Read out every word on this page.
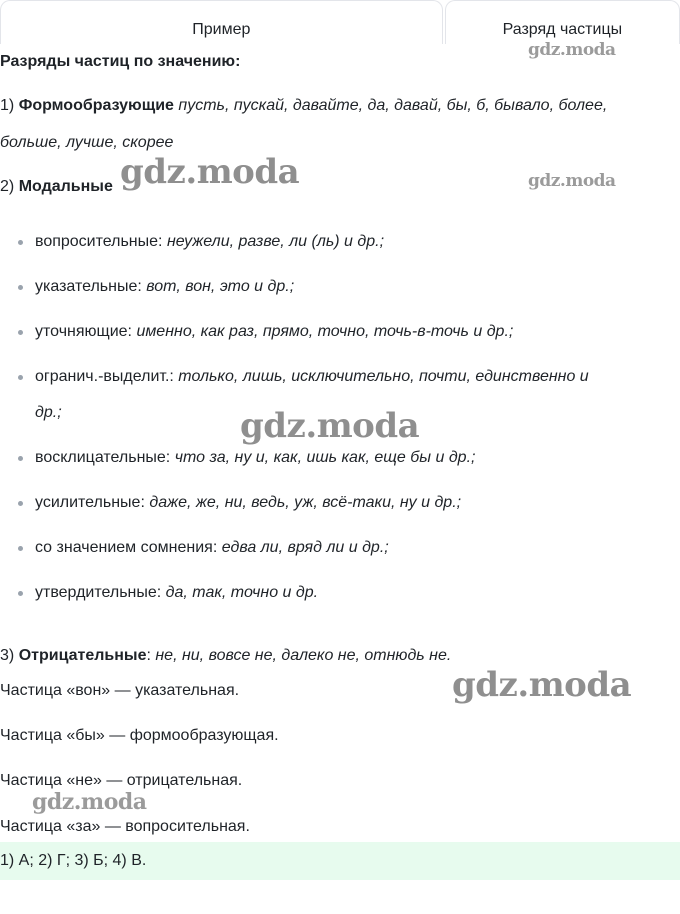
Пример	Разряд частицы
Разряды частиц по значению:
1) Формообразующие пусть, пускай, давайте, да, давай, бы, б, бывало, более,
больше, лучше, скорее
2) Модальные
вопросительные: неужели, разве, ли (ль) и др.;
указательные: вот, вон, это и др.;
уточняющие: именно, как раз, прямо, точно, точь-в-точь и др.;
огранич.-выделит.: только, лишь, исключительно, почти, единственно и
др.;
восклицательные: что за, ну и, как, ишь как, еще бы и др.;
усилительные: даже, же, ни, ведь, уж, всё-таки, ну и др.;
со значением сомнения: едва ли, вряд ли и др.;
утвердительные: да, так, точно и др.
3) Отрицательные: не, ни, вовсе не, далеко не, отнюдь не.
Частица «вон» — указательная.
Частица «бы» — формообразующая.
Частица «не» — отрицательная.
Частица «за» — вопросительная.
1) А; 2) Г; 3) Б; 4) В.
gdz.moda
gdz.moda	gdz.moda
gdz.moda
gdz.moda
gdz.moda
